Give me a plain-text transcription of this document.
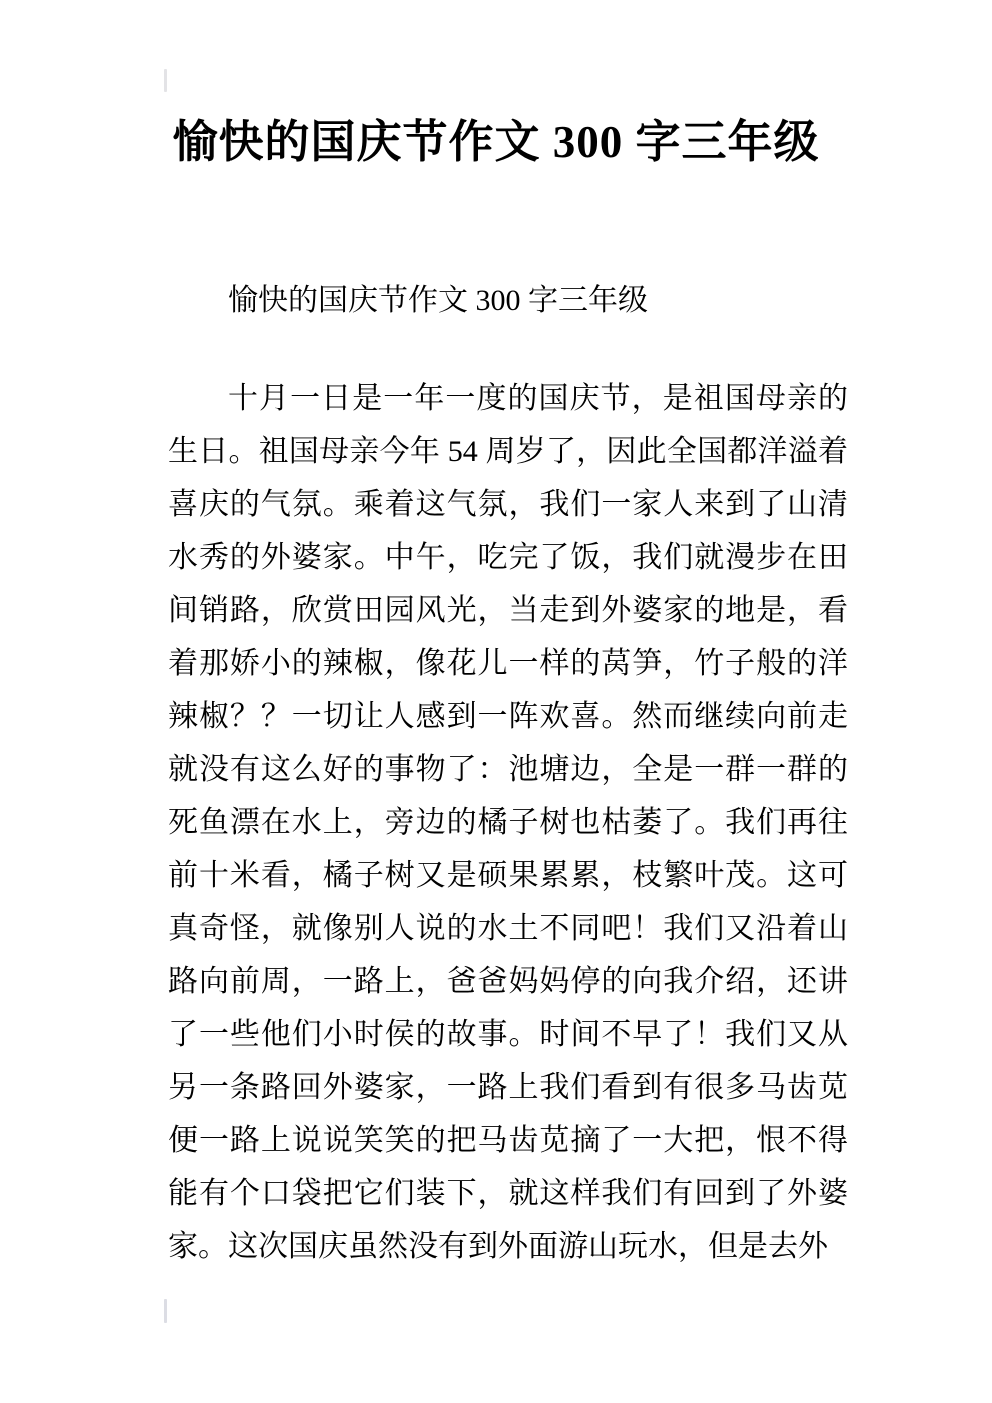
愉快的国庆节作文 300 字三年级

愉快的国庆节作文 300 字三年级

十月一日是一年一度的国庆节，是祖国母亲的生日。祖国母亲今年 54 周岁了，因此全国都洋溢着喜庆的气氛。乘着这气氛，我们一家人来到了山清水秀的外婆家。中午，吃完了饭，我们就漫步在田间销路，欣赏田园风光，当走到外婆家的地是，看着那娇小的辣椒，像花儿一样的莴笋，竹子般的洋辣椒？？一切让人感到一阵欢喜。然而继续向前走就没有这么好的事物了：池塘边，全是一群一群的死鱼漂在水上，旁边的橘子树也枯萎了。我们再往前十米看，橘子树又是硕果累累，枝繁叶茂。这可真奇怪，就像别人说的水土不同吧！我们又沿着山路向前周，一路上，爸爸妈妈停的向我介绍，还讲了一些他们小时侯的故事。时间不早了！我们又从另一条路回外婆家，一路上我们看到有很多马齿苋便一路上说说笑笑的把马齿苋摘了一大把，恨不得能有个口袋把它们装下，就这样我们有回到了外婆家。这次国庆虽然没有到外面游山玩水，但是去外
